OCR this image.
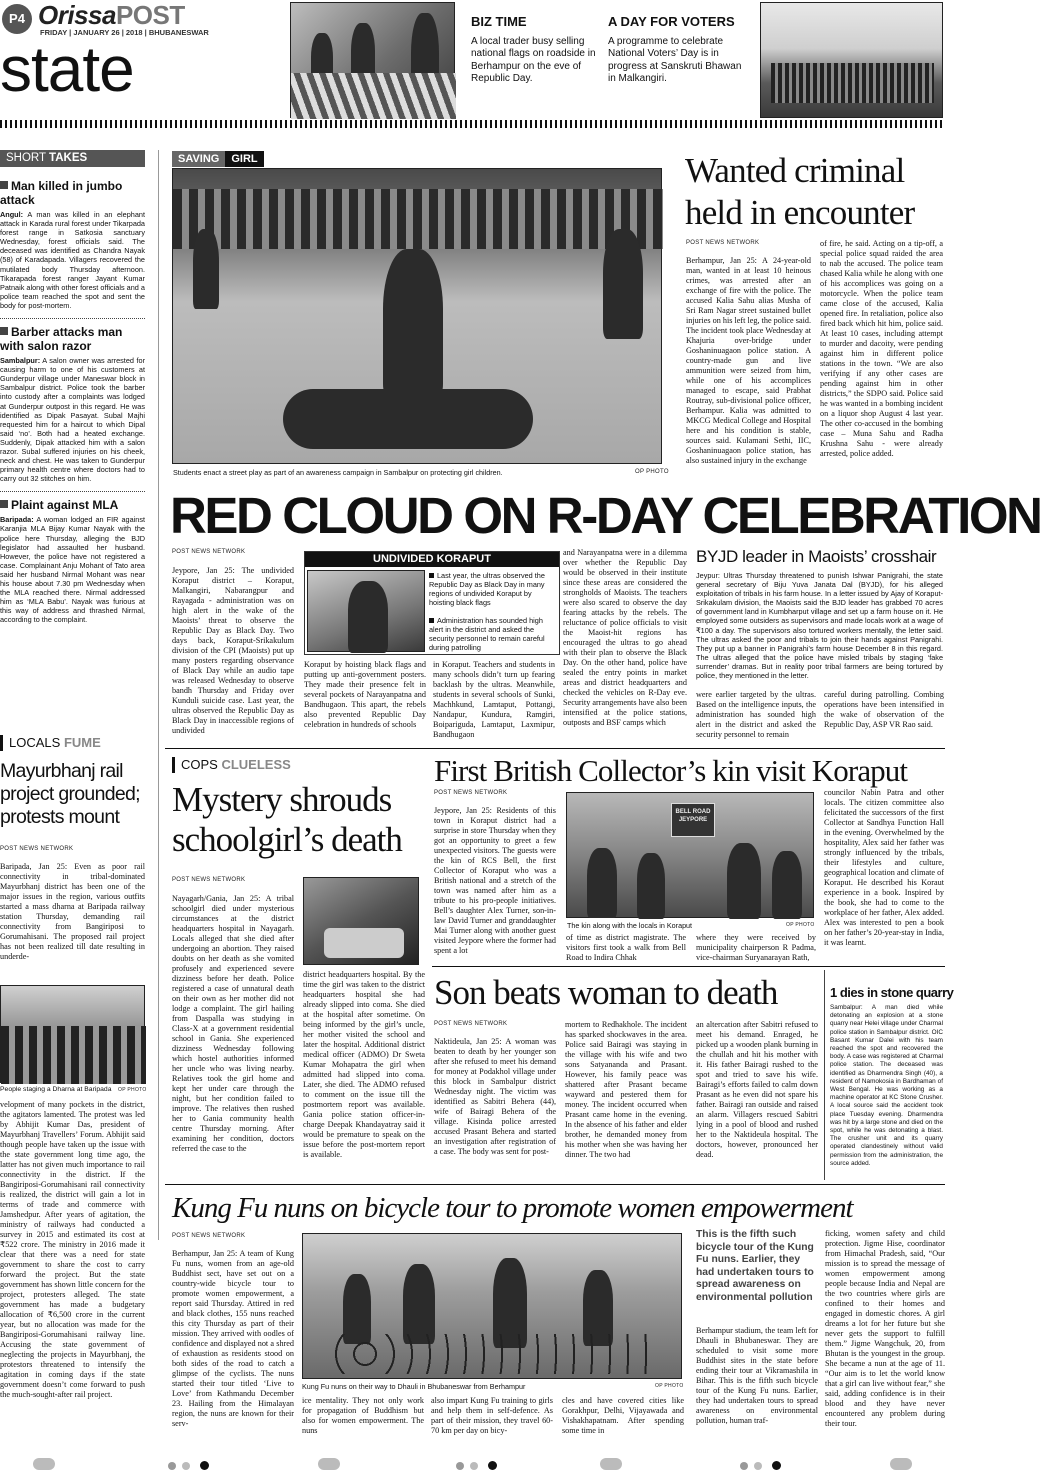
P4 OrissaPOST
FRIDAY | JANUARY 26 | 2018 | BHUBANESWAR
state
BIZ TIME
A local trader busy selling national flags on roadside in Berhampur on the eve of Republic Day.
A DAY FOR VOTERS
A programme to celebrate National Voters’ Day is in progress at Sanskruti Bhawan in Malkangiri.
SHORT TAKES
Man killed in jumbo attack
Angul: A man was killed in an elephant attack in Karada rural forest under Tikarpada forest range in Satkosia sanctuary Wednesday, forest officials said. The deceased was identified as Chandra Nayak (58) of Karadapada. Villagers recovered the mutilated body Thursday afternoon. Tikarapada forest ranger Jayant Kumar Patnaik along with other forest officials and a police team reached the spot and sent the body for post-mortem.
Barber attacks man with salon razor
Sambalpur: A salon owner was arrested for causing harm to one of his customers at Gunderpur village under Maneswar block in Sambalpur district. Police took the barber into custody after a complaints was lodged at Gunderpur outpost in this regard. He was identified as Dipak Pasayat. Subal Majhi requested him for a haircut to which Dipal said ‘no’. Both had a heated exchange. Suddenly, Dipak attacked him with a salon razor. Subal suffered injuries on his cheek, neck and chest. He was taken to Gunderpur primary health centre where doctors had to carry out 32 stitches on him.
Plaint against MLA
Baripada: A woman lodged an FIR against Karanjia MLA Bijay Kumar Nayak with the police here Thursday, alleging the BJD legislator had assaulted her husband. However, the police have not registered a case. Complainant Anju Mohant of Tato area said her husband Nirmal Mohant was near his house about 7.30 pm Wednesday when the MLA reached there. Nirmal addressed him as ‘MLA Babu’. Nayak was furious at this way of address and thrashed Nirmal, according to the complaint.
SAVING GIRL
Students enact a street play as part of an awareness campaign in Sambalpur on protecting girl children.	OP PHOTO
Wanted criminal held in encounter
POST NEWS NETWORK
Berhampur, Jan 25: A 24-year-old man, wanted in at least 10 heinous crimes, was arrested after an exchange of fire with the police. The accused Kalia Sahu alias Musha of Sri Ram Nagar street sustained bullet injuries on his left leg, the police said. The incident took place Wednesday at Khajuria over-bridge under Goshaninuagaon police station. A country-made gun and live ammunition were seized from him, while one of his accomplices managed to escape, said Prabhat Routray, sub-divisional police officer, Berhampur. Kalia was admitted to MKCG Medical College and Hospital here and his condition is stable, sources said. Kulamani Sethi, IIC, Goshaninuagaon police station, has also sustained injury in the exchange
of fire, he said. Acting on a tip-off, a special police squad raided the area to nab the accused. The police team chased Kalia while he along with one of his accomplices was going on a motorcycle. When the police team came close of the accused, Kalia opened fire. In retaliation, police also fired back which hit him, police said. At least 10 cases, including attempt to murder and dacoity, were pending against him in different police stations in the town. “We are also verifying if any other cases are pending against him in other districts,” the SDPO said. Police said he was wanted in a bombing incident on a liquor shop August 4 last year. The other co-accused in the bombing case – Muna Sahu and Radha Krushna Sahu - were already arrested, police added.
RED CLOUD ON R-DAY CELEBRATION
POST NEWS NETWORK
Jeypore, Jan 25: The undivided Koraput district – Koraput, Malkangiri, Nabarangpur and Rayagada - administration was on high alert in the wake of the Maoists’ threat to observe the Republic Day as Black Day. Two days back, Koraput-Srikakulum division of the CPI (Maoists) put up many posters regarding observance of Black Day while an audio tape was released Wednesday to observe bandh Thursday and Friday over Kunduli suicide case. Last year, the ultras observed the Republic Day as Black Day in inaccessible regions of undivided
UNDIVIDED KORAPUT
Last year, the ultras observed the Republic Day as Black Day in many regions of undivided Koraput by hoisting black flags
Administration has sounded high alert in the district and asked the security personnel to remain careful during patrolling
Koraput by hoisting black flags and putting up anti-government posters. They made their presence felt in several pockets of Narayanpatna and Bandhugaon. This apart, the rebels also prevented Republic Day celebration in hundreds of schools
in Koraput. Teachers and students in many schools didn’t turn up fearing backlash by the ultras. Meanwhile, students in several schools of Sunki, Machhkund, Lamtaput, Pottangi, Nandapur, Kundura, Ramgiri, Boipariguda, Lamtaput, Laxmipur, Bandhugaon
and Narayanpatna were in a dilemma over whether the Republic Day would be observed in their institute since these areas are considered the strongholds of Maoists. The teachers were also scared to observe the day fearing attacks by the rebels. The reluctance of police officials to visit the Maoist-hit regions has encouraged the ultras to go ahead with their plan to observe the Black Day. On the other hand, police have sealed the entry points in market areas and district headquarters and checked the vehicles on R-Day eve. Security arrangements have also been intensified at the police stations, outposts and BSF camps which
BYJD leader in Maoists’ crosshair
Jeypur: Ultras Thursday threatened to punish Ishwar Panigrahi, the state general secretary of Biju Yuva Janata Dal (BYJD), for his alleged exploitation of tribals in his farm house. In a letter issued by Ajay of Koraput-Srikakulam division, the Maoists said the BJD leader has grabbed 70 acres of government land in Kumbharput village and set up a farm house on it. He employed some outsiders as supervisors and made locals work at a wage of ₹100 a day. The supervisors also tortured workers mentally, the letter said. The ultras asked the poor and tribals to join their hands against Panigrahi. They put up a banner in Panigrahi’s farm house December 8 in this regard. The ultras alleged that the police have misled tribals by staging ‘fake surrender’ dramas. But in reality poor tribal farmers are being tortured by police, they mentioned in the letter.
were earlier targeted by the ultras. Based on the intelligence inputs, the administration has sounded high alert in the district and asked the security personnel to remain
careful during patrolling. Combing operations have been intensified in the wake of observation of the Republic Day, ASP VR Rao said.
LOCALS FUME
Mayurbhanj rail project grounded; protests mount
POST NEWS NETWORK
Baripada, Jan 25: Even as poor rail connectivity in tribal-dominated Mayurbhanj district has been one of the major issues in the region, various outfits started a mass dharna at Baripada railway station Thursday, demanding rail connectivity from Bangiriposi to Gorumahisani. The proposed rail project has not been realized till date resulting in underde-
People staging a Dharna at Baripada OP PHOTO
velopment of many pockets in the district, the agitators lamented. The protest was led by Abhijit Kumar Das, president of Mayurbhanj Travellers’ Forum. Abhijit said though people have taken up the issue with the state government long time ago, the latter has not given much importance to rail connectivity in the district. If the Bangiriposi-Gorumahisani rail connectivity is realized, the district will gain a lot in terms of trade and commerce with Jamshedpur. After years of agitation, the ministry of railways had conducted a survey in 2015 and estimated its cost at ₹522 crore. The ministry in 2016 made it clear that there was a need for state government to share the cost to carry forward the project. But the state government has shown little concern for the project, protesters alleged. The state government has made a budgetary allocation of ₹6,500 crore in the current year, but no allocation was made for the Bangiriposi-Gorumahisani railway line. Accusing the state government of neglecting the projects in Mayurbhanj, the protestors threatened to intensify the agitation in coming days if the state government doesn’t come forward to push the much-sought-after rail project.
COPS CLUELESS
Mystery shrouds schoolgirl’s death
POST NEWS NETWORK
Nayagarh/Gania, Jan 25: A tribal schoolgirl died under mysterious circumstances at the district headquarters hospital in Nayagarh. Locals alleged that she died after undergoing an abortion. They raised doubts on her death as she vomited profusely and experienced severe dizziness before her death. Police registered a case of unnatural death on their own as her mother did not lodge a complaint. The girl hailing from Daspalla was studying in Class-X at a government residential school in Gania. She experienced dizziness Wednesday following which hostel authorities informed her uncle who was living nearby. Relatives took the girl home and kept her under care through the night, but her condition failed to improve. The relatives then rushed her to Gania community health centre Thursday morning. After examining her condition, doctors referred the case to the
district headquarters hospital. By the time the girl was taken to the district headquarters hospital she had already slipped into coma. She died at the hospital after sometime. On being informed by the girl’s uncle, her mother visited the school and later the hospital. Additional district medical officer (ADMO) Dr Sweta Kumar Mohapatra the girl when admitted had slipped into coma. Later, she died. The ADMO refused to comment on the issue till the postmortem report was available. Gania police station officer-in-charge Deepak Khandayatray said it would be premature to speak on the issue before the post-mortem report is available.
First British Collector’s kin visit Koraput
POST NEWS NETWORK
Jeypore, Jan 25: Residents of this town in Koraput district had a surprise in store Thursday when they got an opportunity to greet a few unexpected visitors. The guests were the kin of RCS Bell, the first Collector of Koraput who was a British national and a stretch of the town was named after him as a tribute to his pro-people initiatives. Bell’s daughter Alex Turner, son-in-law David Turner and granddaughter Mai Turner along with another guest visited Jeypore where the former had spent a lot
BELL ROAD JEYPORE
The kin along with the locals in Koraput	OP PHOTO
of time as district magistrate. The visitors first took a walk from Bell Road to Indira Chhak
where they were received by municipality chairperson R Padma, vice-chairman Suryanarayan Rath,
councilor Nabin Patra and other locals. The citizen committee also felicitated the successors of the first Collector at Sandhya Function Hall in the evening. Overwhelmed by the hospitality, Alex said her father was strongly influenced by the tribals, their lifestyles and culture, geographical location and climate of Koraput. He described his Koraut experience in a book. Inspired by the book, she had to come to the workplace of her father, Alex added. Alex was interested to pen a book on her father’s 20-year-stay in India, it was learnt.
Son beats woman to death
POST NEWS NETWORK
Naktideula, Jan 25: A woman was beaten to death by her younger son after she refused to meet his demand for money at Podakhol village under this block in Sambalpur district Wednesday night. The victim was identified as Sabitri Behera (44), wife of Bairagi Behera of the village. Kisinda police arrested accused Prasant Behera and started an investigation after registration of a case. The body was sent for post-
mortem to Redhakhole. The incident has sparked shockwaves in the area. Police said Bairagi was staying in the village with his wife and two sons Satyananda and Prasant. However, his family peace was shattered after Prasant became wayward and pestered them for money. The incident occurred when Prasant came home in the evening. In the absence of his father and elder brother, he demanded money from his mother when she was having her dinner. The two had
an altercation after Sabitri refused to meet his demand. Enraged, he picked up a wooden plank burning in the chullah and hit his mother with it. His father Bairagi rushed to the spot and tried to save his wife. Bairagi’s efforts failed to calm down Prasant as he even did not spare his father. Bairagi ran outside and raised an alarm. Villagers rescued Sabitri lying in a pool of blood and rushed her to the Naktideula hospital. The doctors, however, pronounced her dead.
1 dies in stone quarry
Sambalpur: A man died while detonating an explosion at a stone quarry near Helei village under Charmal police station in Sambalpur district. OIC Basant Kumar Dalei with his team reached the spot and recovered the body. A case was registered at Charmal police station. The deceased was identified as Dharmendra Singh (40), a resident of Namokosia in Bardhaman of West Bengal. He was working as a machine operator at KC Stone Crusher. A local source said the accident took place Tuesday evening. Dharmendra was hit by a large stone and died on the spot, while he was detonating a blast. The crusher unit and its quarry operated clandestinely without valid permission from the administration, the source added.
Kung Fu nuns on bicycle tour to promote women empowerment
POST NEWS NETWORK
Berhampur, Jan 25: A team of Kung Fu nuns, women from an age-old Buddhist sect, have set out on a country-wide bicycle tour to promote women empowerment, a report said Thursday. Attired in red and black clothes, 155 nuns reached this city Thursday as part of their mission. They arrived with oodles of confidence and displayed not a shred of exhaustion as residents stood on both sides of the road to catch a glimpse of the cyclists. The nuns started their tour titled ‘Live to Love’ from Kathmandu December 23. Hailing from the Himalayan region, the nuns are known for their serv-
Kung Fu nuns on their way to Dhauli in Bhubaneswar from Berhampur	OP PHOTO
ice mentality. They not only work for propagation of Buddhism but also for women empowerment. The nuns
also impart Kung Fu training to girls and help them in self-defence. As part of their mission, they travel 60-70 km per day on bicy-
cles and have covered cities like Gorakhpur, Delhi, Vijayawada and Vishakhapatnam. After spending some time in
This is the fifth such bicycle tour of the Kung Fu nuns. Earlier, they had undertaken tours to spread awareness on environmental pollution
Berhampur stadium, the team left for Dhauli in Bhubaneswar. They are scheduled to visit some more Buddhist sites in the state before ending their tour at Vikramashila in Bihar. This is the fifth such bicycle tour of the Kung Fu nuns. Earlier, they had undertaken tours to spread awareness on environmental pollution, human traf-
ficking, women safety and child protection. Jigme Hise, coordinator from Himachal Pradesh, said, “Our mission is to spread the message of women empowerment among people because India and Nepal are the two countries where girls are confined to their homes and engaged in domestic chores. A girl dreams a lot for her future but she never gets the support to fulfill them.” Jigme Wangchuk, 20, from Bhutan is the youngest in the group. She became a nun at the age of 11. “Our aim is to let the world know that a girl can live without fear,” she said, adding confidence is in their blood and they have never encountered any problem during their tour.
